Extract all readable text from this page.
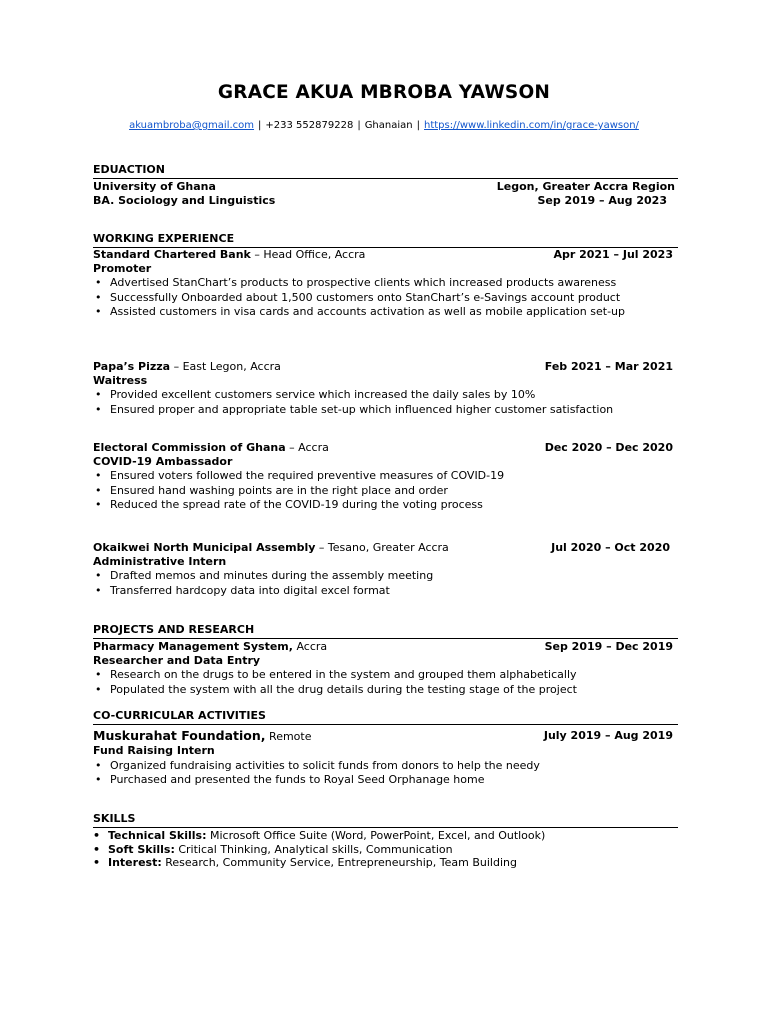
GRACE AKUA MBROBA YAWSON
akuambroba@gmail.com | +233 552879228 | Ghanaian | https://www.linkedin.com/in/grace-yawson/
EDUACTION
University of Ghana	Legon, Greater Accra Region
BA. Sociology and Linguistics	Sep 2019 – Aug 2023
WORKING EXPERIENCE
Standard Chartered Bank – Head Office, Accra	Apr 2021 – Jul 2023
Promoter
• Advertised StanChart’s products to prospective clients which increased products awareness
• Successfully Onboarded about 1,500 customers onto StanChart’s e-Savings account product
• Assisted customers in visa cards and accounts activation as well as mobile application set-up
Papa’s Pizza – East Legon, Accra	Feb 2021 – Mar 2021
Waitress
• Provided excellent customers service which increased the daily sales by 10%
• Ensured proper and appropriate table set-up which influenced higher customer satisfaction
Electoral Commission of Ghana – Accra	Dec 2020 – Dec 2020
COVID-19 Ambassador
• Ensured voters followed the required preventive measures of COVID-19
• Ensured hand washing points are in the right place and order
• Reduced the spread rate of the COVID-19 during the voting process
Okaikwei North Municipal Assembly – Tesano, Greater Accra	Jul 2020 – Oct 2020
Administrative Intern
• Drafted memos and minutes during the assembly meeting
• Transferred hardcopy data into digital excel format
PROJECTS AND RESEARCH
Pharmacy Management System, Accra	Sep 2019 – Dec 2019
Researcher and Data Entry
• Research on the drugs to be entered in the system and grouped them alphabetically
• Populated the system with all the drug details during the testing stage of the project
CO-CURRICULAR ACTIVITIES
Muskurahat Foundation, Remote	July 2019 – Aug 2019
Fund Raising Intern
• Organized fundraising activities to solicit funds from donors to help the needy
• Purchased and presented the funds to Royal Seed Orphanage home
SKILLS
• Technical Skills: Microsoft Office Suite (Word, PowerPoint, Excel, and Outlook)
• Soft Skills: Critical Thinking, Analytical skills, Communication
• Interest: Research, Community Service, Entrepreneurship, Team Building
